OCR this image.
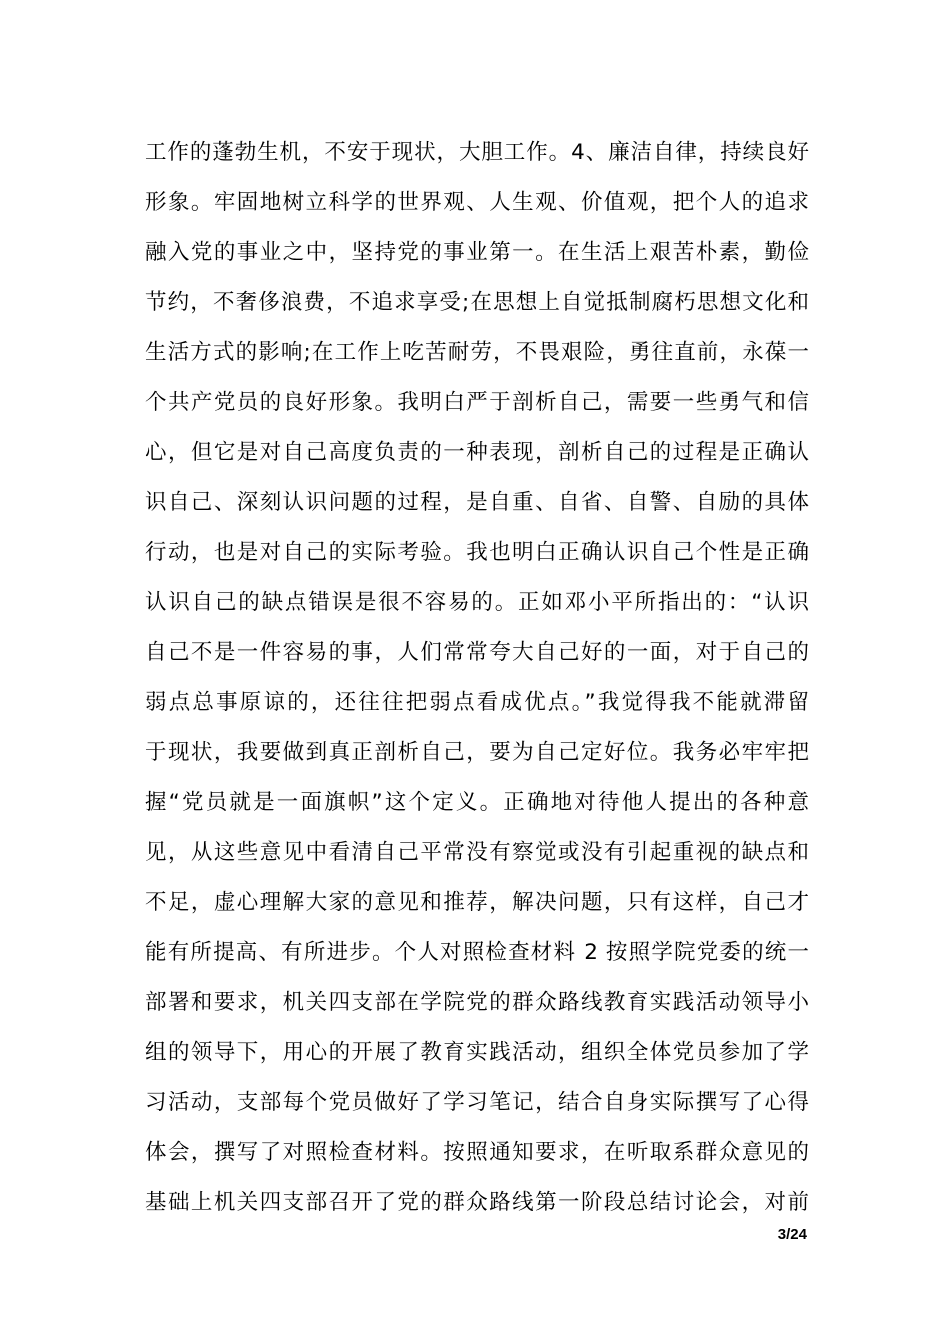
工作的蓬勃生机，不安于现状，大胆工作。4、廉洁自律，持续良好
形象。牢固地树立科学的世界观、人生观、价值观，把个人的追求
融入党的事业之中，坚持党的事业第一。在生活上艰苦朴素，勤俭
节约，不奢侈浪费，不追求享受;在思想上自觉抵制腐朽思想文化和
生活方式的影响;在工作上吃苦耐劳，不畏艰险，勇往直前，永葆一
个共产党员的良好形象。我明白严于剖析自己，需要一些勇气和信
心，但它是对自己高度负责的一种表现，剖析自己的过程是正确认
识自己、深刻认识问题的过程，是自重、自省、自警、自励的具体
行动，也是对自己的实际考验。我也明白正确认识自己个性是正确
认识自己的缺点错误是很不容易的。正如邓小平所指出的：“认识
自己不是一件容易的事，人们常常夸大自己好的一面，对于自己的
弱点总事原谅的，还往往把弱点看成优点。”我觉得我不能就滞留
于现状，我要做到真正剖析自己，要为自己定好位。我务必牢牢把
握“党员就是一面旗帜”这个定义。正确地对待他人提出的各种意
见，从这些意见中看清自己平常没有察觉或没有引起重视的缺点和
不足，虚心理解大家的意见和推荐，解决问题，只有这样，自己才
能有所提高、有所进步。个人对照检查材料 2 按照学院党委的统一
部署和要求，机关四支部在学院党的群众路线教育实践活动领导小
组的领导下，用心的开展了教育实践活动，组织全体党员参加了学
习活动，支部每个党员做好了学习笔记，结合自身实际撰写了心得
体会，撰写了对照检查材料。按照通知要求，在听取系群众意见的
基础上机关四支部召开了党的群众路线第一阶段总结讨论会，对前
3/24
